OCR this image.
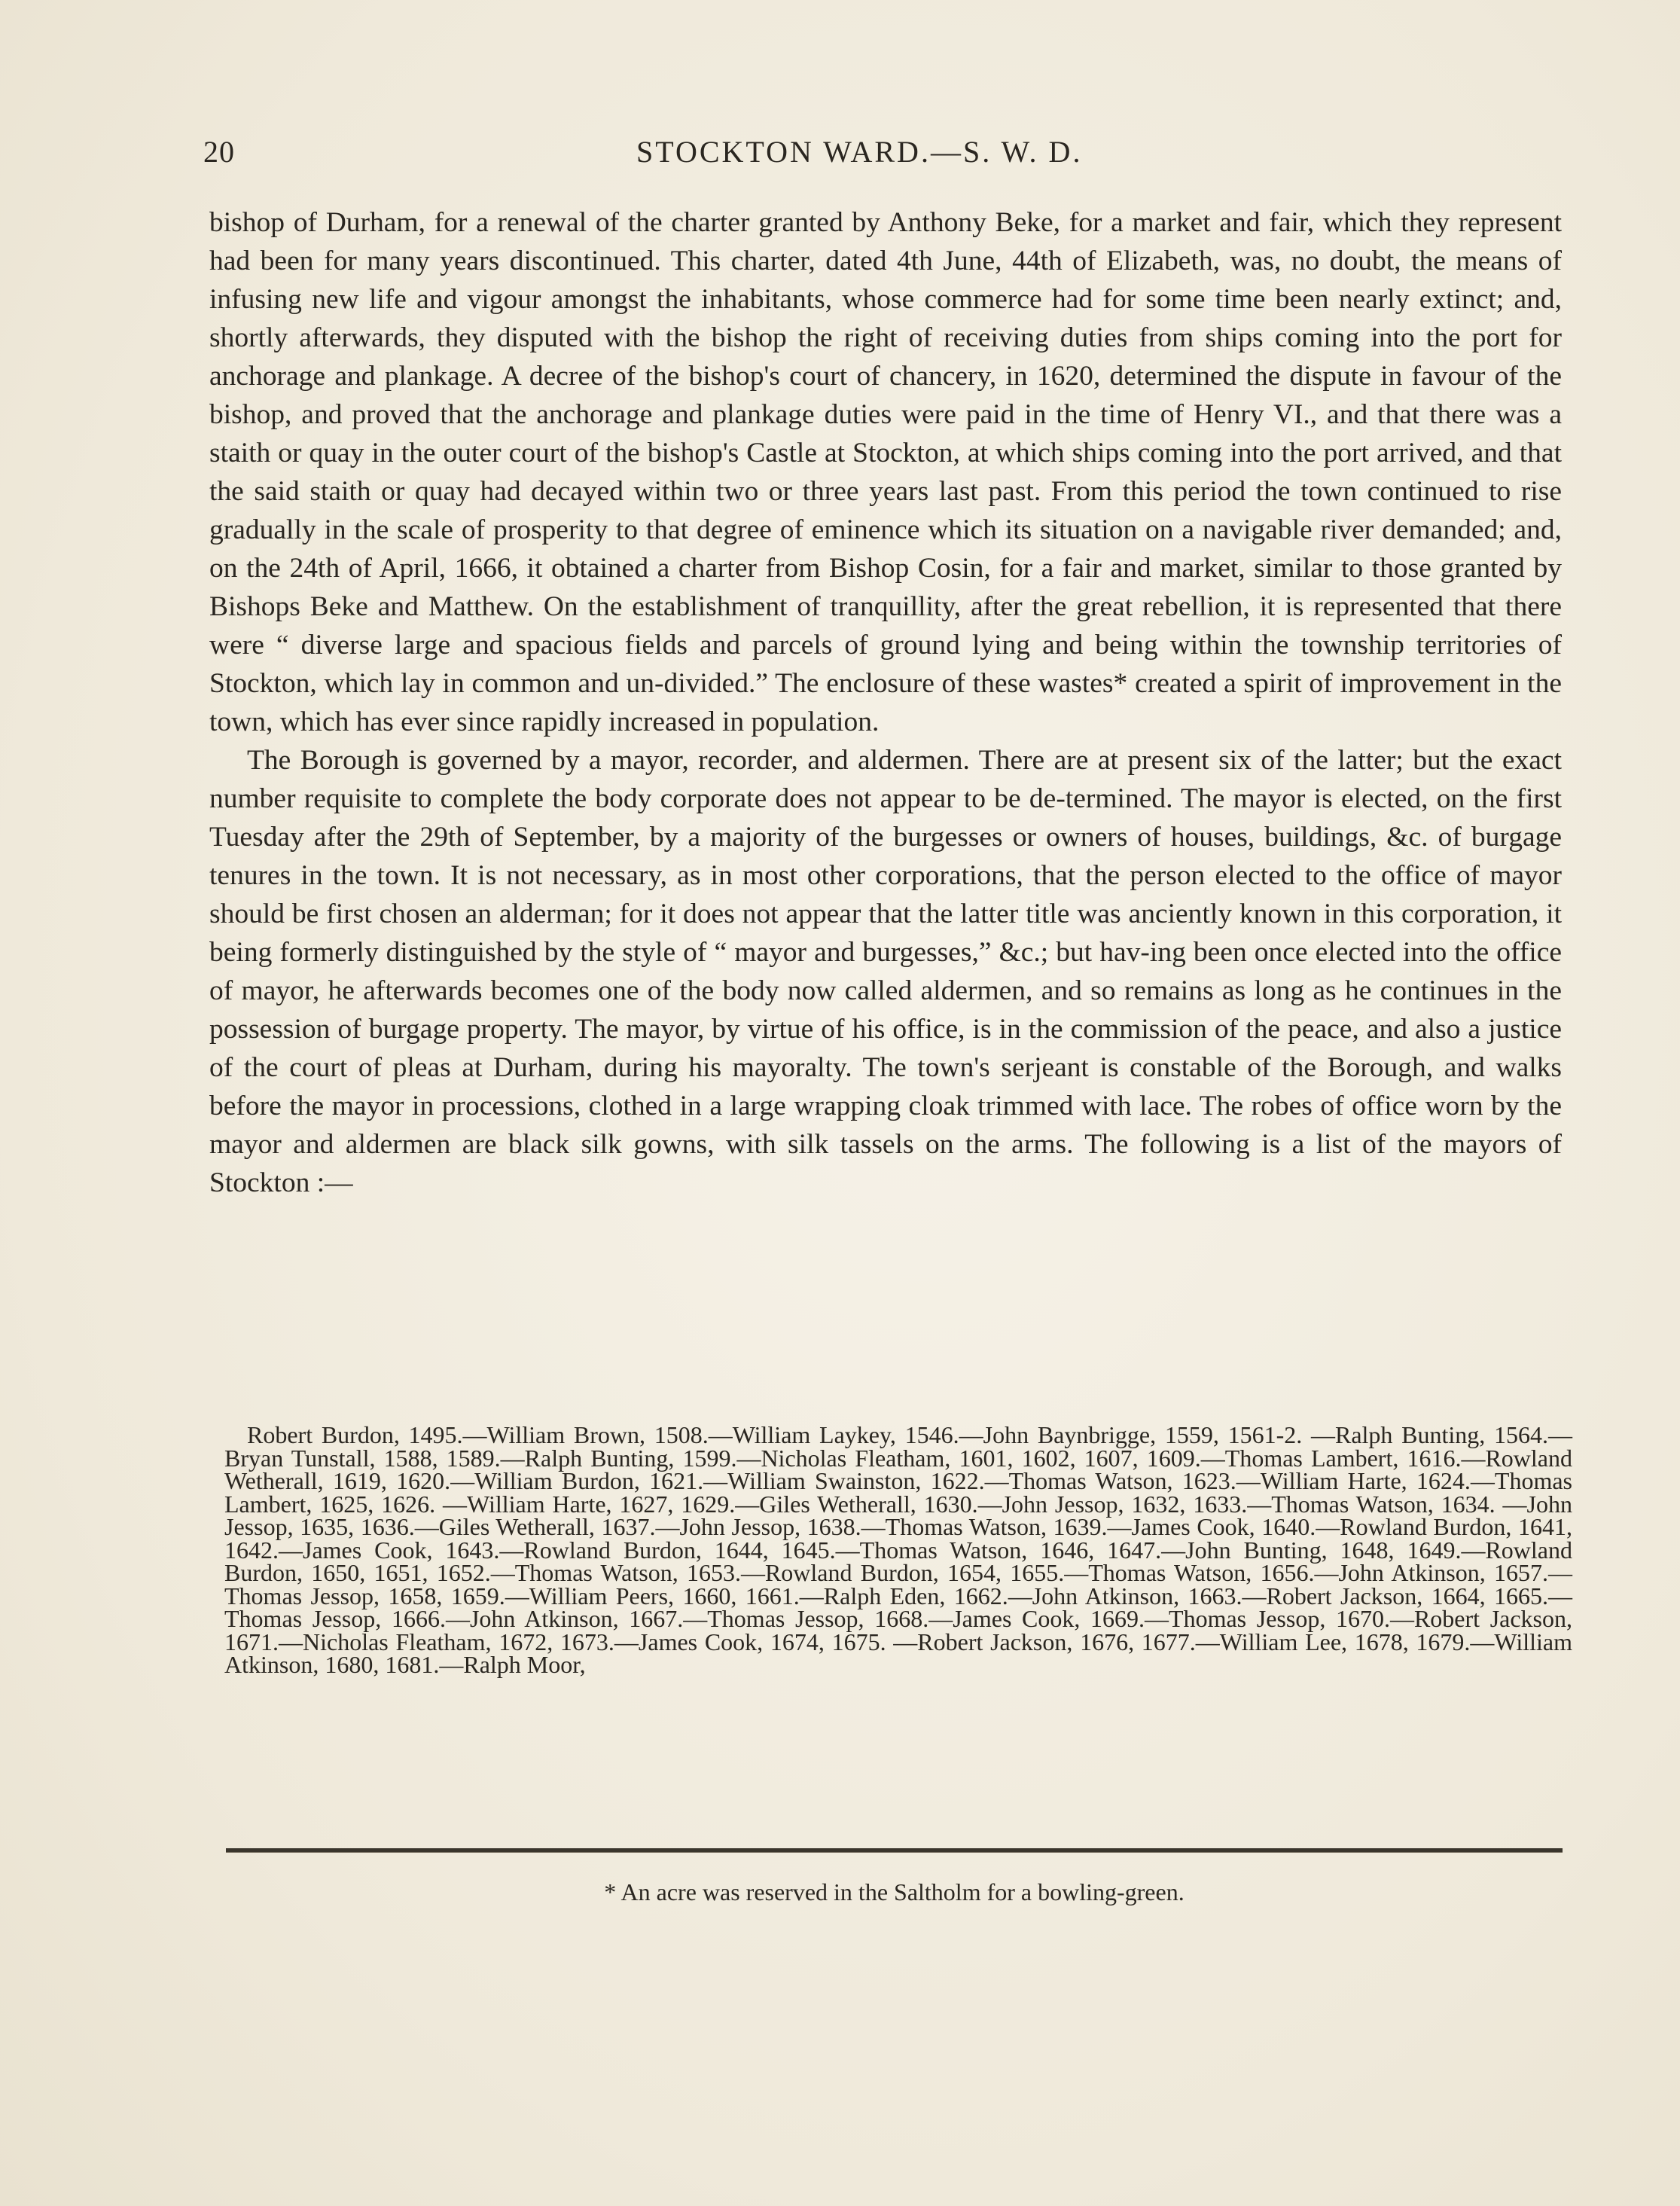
20	STOCKTON WARD.—S. W. D.

bishop of Durham, for a renewal of the charter granted by Anthony Beke, for a market and fair, which they represent had been for many years discontinued. This charter, dated 4th June, 44th of Elizabeth, was, no doubt, the means of infusing new life and vigour amongst the inhabitants, whose commerce had for some time been nearly extinct; and, shortly afterwards, they disputed with the bishop the right of receiving duties from ships coming into the port for anchorage and plankage. A decree of the bishop's court of chancery, in 1620, determined the dispute in favour of the bishop, and proved that the anchorage and plankage duties were paid in the time of Henry VI., and that there was a staith or quay in the outer court of the bishop's Castle at Stockton, at which ships coming into the port arrived, and that the said staith or quay had decayed within two or three years last past. From this period the town continued to rise gradually in the scale of prosperity to that degree of eminence which its situation on a navigable river demanded; and, on the 24th of April, 1666, it obtained a charter from Bishop Cosin, for a fair and market, similar to those granted by Bishops Beke and Matthew. On the establishment of tranquillity, after the great rebellion, it is represented that there were “ diverse large and spacious fields and parcels of ground lying and being within the township territories of Stockton, which lay in common and un-divided.” The enclosure of these wastes* created a spirit of improvement in the town, which has ever since rapidly increased in population.

The Borough is governed by a mayor, recorder, and aldermen. There are at present six of the latter; but the exact number requisite to complete the body corporate does not appear to be de-termined. The mayor is elected, on the first Tuesday after the 29th of September, by a majority of the burgesses or owners of houses, buildings, &c. of burgage tenures in the town. It is not necessary, as in most other corporations, that the person elected to the office of mayor should be first chosen an alderman; for it does not appear that the latter title was anciently known in this corporation, it being formerly distinguished by the style of “ mayor and burgesses,” &c.; but hav-ing been once elected into the office of mayor, he afterwards becomes one of the body now called aldermen, and so remains as long as he continues in the possession of burgage property. The mayor, by virtue of his office, is in the commission of the peace, and also a justice of the court of pleas at Durham, during his mayoralty. The town's serjeant is constable of the Borough, and walks before the mayor in processions, clothed in a large wrapping cloak trimmed with lace. The robes of office worn by the mayor and aldermen are black silk gowns, with silk tassels on the arms. The following is a list of the mayors of Stockton :—

Robert Burdon, 1495.—William Brown, 1508.—William Laykey, 1546.—John Baynbrigge, 1559, 1561-2. —Ralph Bunting, 1564.—Bryan Tunstall, 1588, 1589.—Ralph Bunting, 1599.—Nicholas Fleatham, 1601, 1602, 1607, 1609.—Thomas Lambert, 1616.—Rowland Wetherall, 1619, 1620.—William Burdon, 1621.—William Swainston, 1622.—Thomas Watson, 1623.—William Harte, 1624.—Thomas Lambert, 1625, 1626. —William Harte, 1627, 1629.—Giles Wetherall, 1630.—John Jessop, 1632, 1633.—Thomas Watson, 1634. —John Jessop, 1635, 1636.—Giles Wetherall, 1637.—John Jessop, 1638.—Thomas Watson, 1639.—James Cook, 1640.—Rowland Burdon, 1641, 1642.—James Cook, 1643.—Rowland Burdon, 1644, 1645.—Thomas Watson, 1646, 1647.—John Bunting, 1648, 1649.—Rowland Burdon, 1650, 1651, 1652.—Thomas Watson, 1653.—Rowland Burdon, 1654, 1655.—Thomas Watson, 1656.—John Atkinson, 1657.—Thomas Jessop, 1658, 1659.—William Peers, 1660, 1661.—Ralph Eden, 1662.—John Atkinson, 1663.—Robert Jackson, 1664, 1665.—Thomas Jessop, 1666.—John Atkinson, 1667.—Thomas Jessop, 1668.—James Cook, 1669.—Thomas Jessop, 1670.—Robert Jackson, 1671.—Nicholas Fleatham, 1672, 1673.—James Cook, 1674, 1675. —Robert Jackson, 1676, 1677.—William Lee, 1678, 1679.—William Atkinson, 1680, 1681.—Ralph Moor,

* An acre was reserved in the Saltholm for a bowling-green.
